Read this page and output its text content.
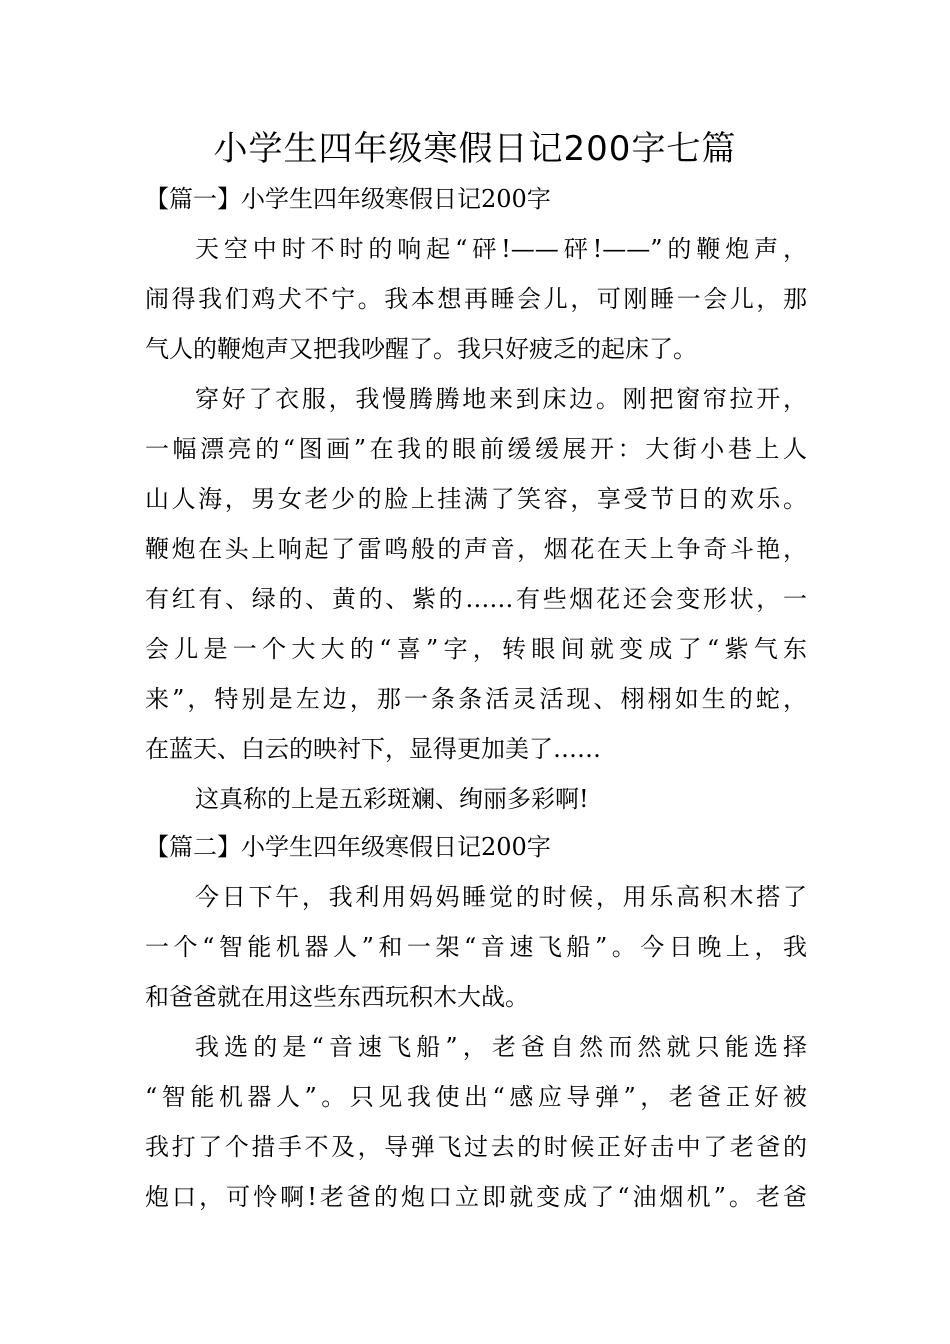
小学生四年级寒假日记200字七篇
【篇一】小学生四年级寒假日记200字
天空中时不时的响起“砰!——砰!——”的鞭炮声，
闹得我们鸡犬不宁。我本想再睡会儿，可刚睡一会儿，那
气人的鞭炮声又把我吵醒了。我只好疲乏的起床了。
穿好了衣服，我慢腾腾地来到床边。刚把窗帘拉开，
一幅漂亮的“图画”在我的眼前缓缓展开：大街小巷上人
山人海，男女老少的脸上挂满了笑容，享受节日的欢乐。
鞭炮在头上响起了雷鸣般的声音，烟花在天上争奇斗艳，
有红有、绿的、黄的、紫的……有些烟花还会变形状，一
会儿是一个大大的“喜”字，转眼间就变成了“紫气东
来”，特别是左边，那一条条活灵活现、栩栩如生的蛇，
在蓝天、白云的映衬下，显得更加美了……
这真称的上是五彩斑斓、绚丽多彩啊!
【篇二】小学生四年级寒假日记200字
今日下午，我利用妈妈睡觉的时候，用乐高积木搭了
一个“智能机器人”和一架“音速飞船”。今日晚上，我
和爸爸就在用这些东西玩积木大战。
我选的是“音速飞船”，老爸自然而然就只能选择
“智能机器人”。只见我使出“感应导弹”，老爸正好被
我打了个措手不及，导弹飞过去的时候正好击中了老爸的
炮口，可怜啊!老爸的炮口立即就变成了“油烟机”。老爸
